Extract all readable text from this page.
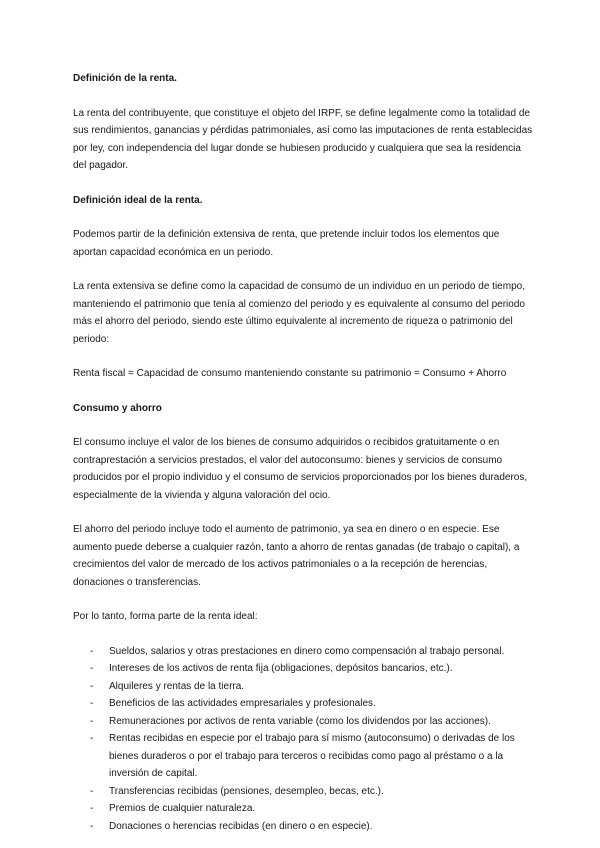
Definición de la renta.

La renta del contribuyente, que constituye el objeto del IRPF, se define legalmente como la totalidad de sus rendimientos, ganancias y pérdidas patrimoniales, así como las imputaciones de renta establecidas por ley, con independencia del lugar donde se hubiesen producido y cualquiera que sea la residencia del pagador.

Definición ideal de la renta.

Podemos partir de la definición extensiva de renta, que pretende incluir todos los elementos que aportan capacidad económica en un periodo.

La renta extensiva se define como la capacidad de consumo de un individuo en un periodo de tiempo, manteniendo el patrimonio que tenía al comienzo del periodo y es equivalente al consumo del periodo más el ahorro del periodo, siendo este último equivalente al incremento de riqueza o patrimonio del periodo:

Renta fiscal = Capacidad de consumo manteniendo constante su patrimonio = Consumo + Ahorro

Consumo y ahorro

El consumo incluye el valor de los bienes de consumo adquiridos o recibidos gratuitamente o en contraprestación a servicios prestados, el valor del autoconsumo: bienes y servicios de consumo producidos por el propio individuo y el consumo de servicios proporcionados por los bienes duraderos, especialmente de la vivienda y alguna valoración del ocio.

El ahorro del periodo incluye todo el aumento de patrimonio, ya sea en dinero o en especie. Ese aumento puede deberse a cualquier razón, tanto a ahorro de rentas ganadas (de trabajo o capital), a crecimientos del valor de mercado de los activos patrimoniales o a la recepción de herencias, donaciones o transferencias.

Por lo tanto, forma parte de la renta ideal:

- Sueldos, salarios y otras prestaciones en dinero como compensación al trabajo personal.
- Intereses de los activos de renta fija (obligaciones, depósitos bancarios, etc.).
- Alquileres y rentas de la tierra.
- Beneficios de las actividades empresariales y profesionales.
- Remuneraciones por activos de renta variable (como los dividendos por las acciones).
- Rentas recibidas en especie por el trabajo para sí mismo (autoconsumo) o derivadas de los bienes duraderos o por el trabajo para terceros o recibidas como pago al préstamo o a la inversión de capital.
- Transferencias recibidas (pensiones, desempleo, becas, etc.).
- Premios de cualquier naturaleza.
- Donaciones o herencias recibidas (en dinero o en especie).
